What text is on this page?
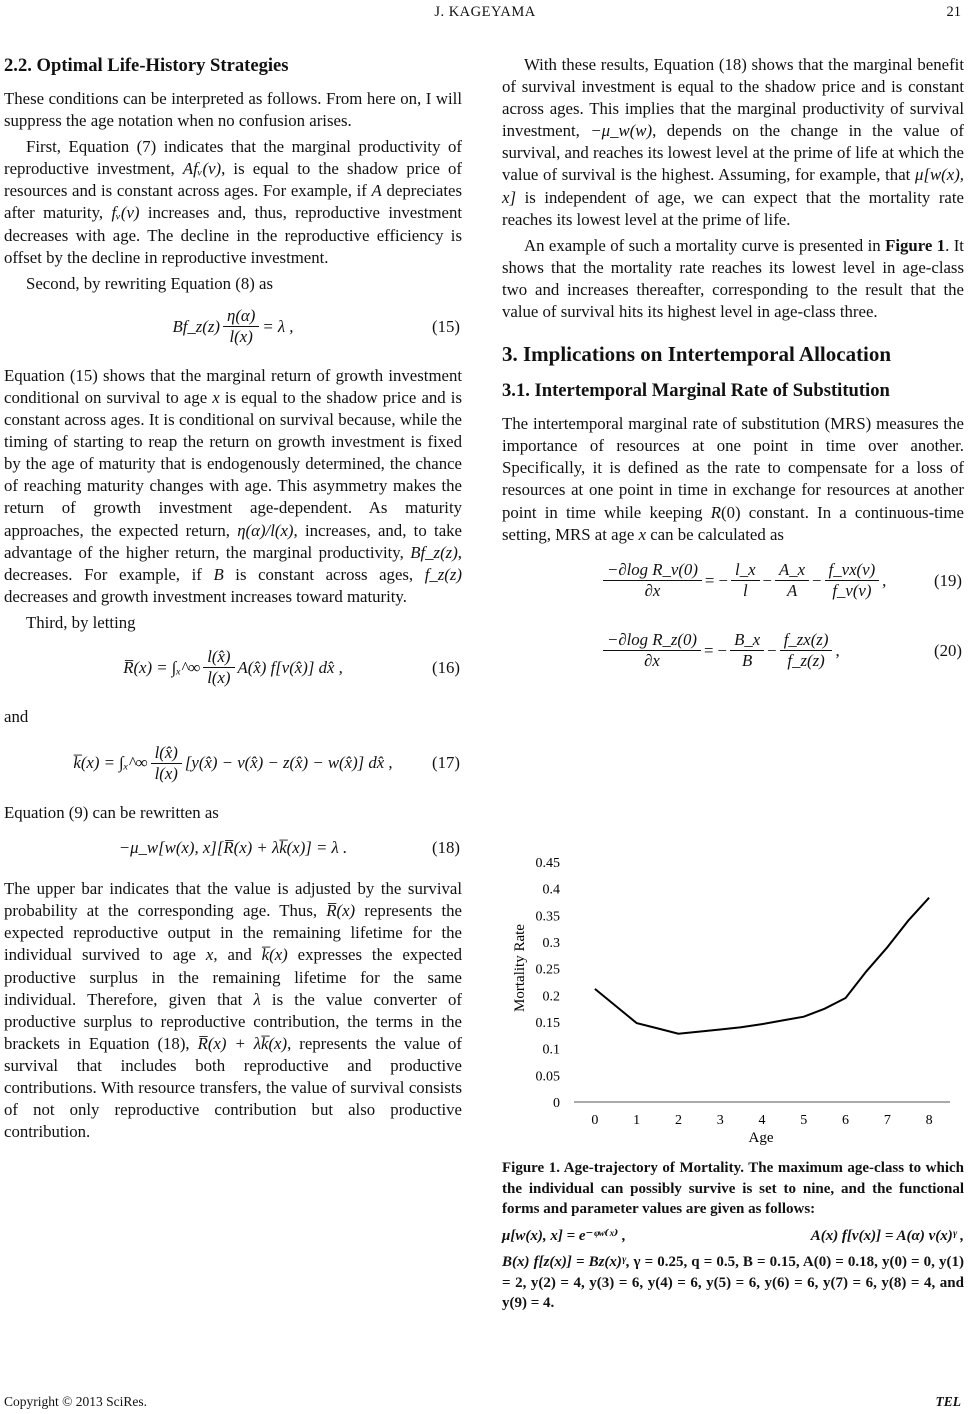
J. KAGEYAMA	21
2.2. Optimal Life-History Strategies

These conditions can be interpreted as follows. From here on, I will suppress the age notation when no confusion arises.

First, Equation (7) indicates that the marginal productivity of reproductive investment, Afᵥ(v), is equal to the shadow price of resources and is constant across ages. For example, if A depreciates after maturity, fᵥ(v) increases and, thus, reproductive investment decreases with age. The decline in the reproductive efficiency is offset by the decline in reproductive investment.

Second, by rewriting Equation (8) as

Bf_z(z) $\frac{\eta(\alpha)}{l(x)} = \lambda$ ,	(15)

Equation (15) shows that the marginal return of growth investment conditional on survival to age x is equal to the shadow price and is constant across ages. It is conditional on survival because, while the timing of starting to reap the return on growth investment is fixed by the age of maturity that is endogenously determined, the chance of reaching maturity changes with age. This asymmetry makes the return of growth investment age-dependent. As maturity approaches, the expected return, η(α)/l(x), increases, and, to take advantage of the higher return, the marginal productivity, Bf_z(z), decreases. For example, if B is constant across ages, f_z(z) decreases and growth investment increases toward maturity.

Third, by letting

R̅(x) = ∫ₓ^∞ $\frac{l(x̂)}{l(x)}$ A(x̂) f[v(x̂)] dx̂ ,	(16)

and

k̅(x) = ∫ₓ^∞ $\frac{l(x̂)}{l(x)}$ [y(x̂) − v(x̂) − z(x̂) − w(x̂)] dx̂ , (17)

Equation (9) can be rewritten as

−μ_w[w(x), x][R̅(x) + λk̅(x)] = λ .	(18)

The upper bar indicates that the value is adjusted by the survival probability at the corresponding age. Thus, R̅(x) represents the expected reproductive output in the remaining lifetime for the individual survived to age x, and k̅(x) expresses the expected productive surplus in the remaining lifetime for the same individual. Therefore, given that λ is the value converter of productive surplus to reproductive contribution, the terms in the brackets in Equation (18), R̅(x) + λk̅(x), represents the value of survival that includes both reproductive and productive contributions. With resource transfers, the value of survival consists of not only reproductive contribution but also productive contribution.

With these results, Equation (18) shows that the marginal benefit of survival investment is equal to the shadow price and is constant across ages. This implies that the marginal productivity of survival investment, −μ_w(w), depends on the change in the value of survival, and reaches its lowest level at the prime of life at which the value of survival is the highest. Assuming, for example, that μ[w(x), x] is independent of age, we can expect that the mortality rate reaches its lowest level at the prime of life.

An example of such a mortality curve is presented in Figure 1. It shows that the mortality rate reaches its lowest level in age-class two and increases thereafter, corresponding to the result that the value of survival hits its highest level in age-class three.

3. Implications on Intertemporal Allocation
3.1. Intertemporal Marginal Rate of Substitution

The intertemporal marginal rate of substitution (MRS) measures the importance of resources at one point in time over another. Specifically, it is defined as the rate to compensate for a loss of resources at one point in time in exchange for resources at another point in time while keeping R(0) constant. In a continuous-time setting, MRS at age x can be calculated as

$\frac{\text{−∂log R\_v(0)}}{\partial x}$ = − $\frac{l\_x}{l} - \frac{A\_x}{A} - \frac{f\_vx(v)}{f\_v(v)}$ ,	(19)
$\frac{\text{−∂log R\_z(0)}}{\partial x}$ = − $\frac{B\_x}{B} - \frac{f\_zx(z)}{f\_z(z)}$ ,	(20)
0
0.05
0.1
0.15
0.2
0.25
0.3
0.35
0.4
0.45
0 1 2 3 4 5 6 7 8
Mortality Rate
Age
Figure 1. Age-trajectory of Mortality. The maximum age-class to which the individual can possibly survive is set to nine, and the functional forms and parameter values are given as follows:
μ[w(x), x] = e⁻ᵠʷ⁽ˣ⁾ ,	A(x) f[v(x)] = A(α) v(x)ᵞ ,
B(x) f[z(x)] = Bz(x)ᵞ, γ = 0.25, q = 0.5, B = 0.15, A(0) = 0.18, y(0) = 0, y(1) = 2, y(2) = 4, y(3) = 6, y(4) = 6, y(5) = 6, y(6) = 6, y(7) = 6, y(8) = 4, and y(9) = 4.
Copyright © 2013 SciRes.	TEL
